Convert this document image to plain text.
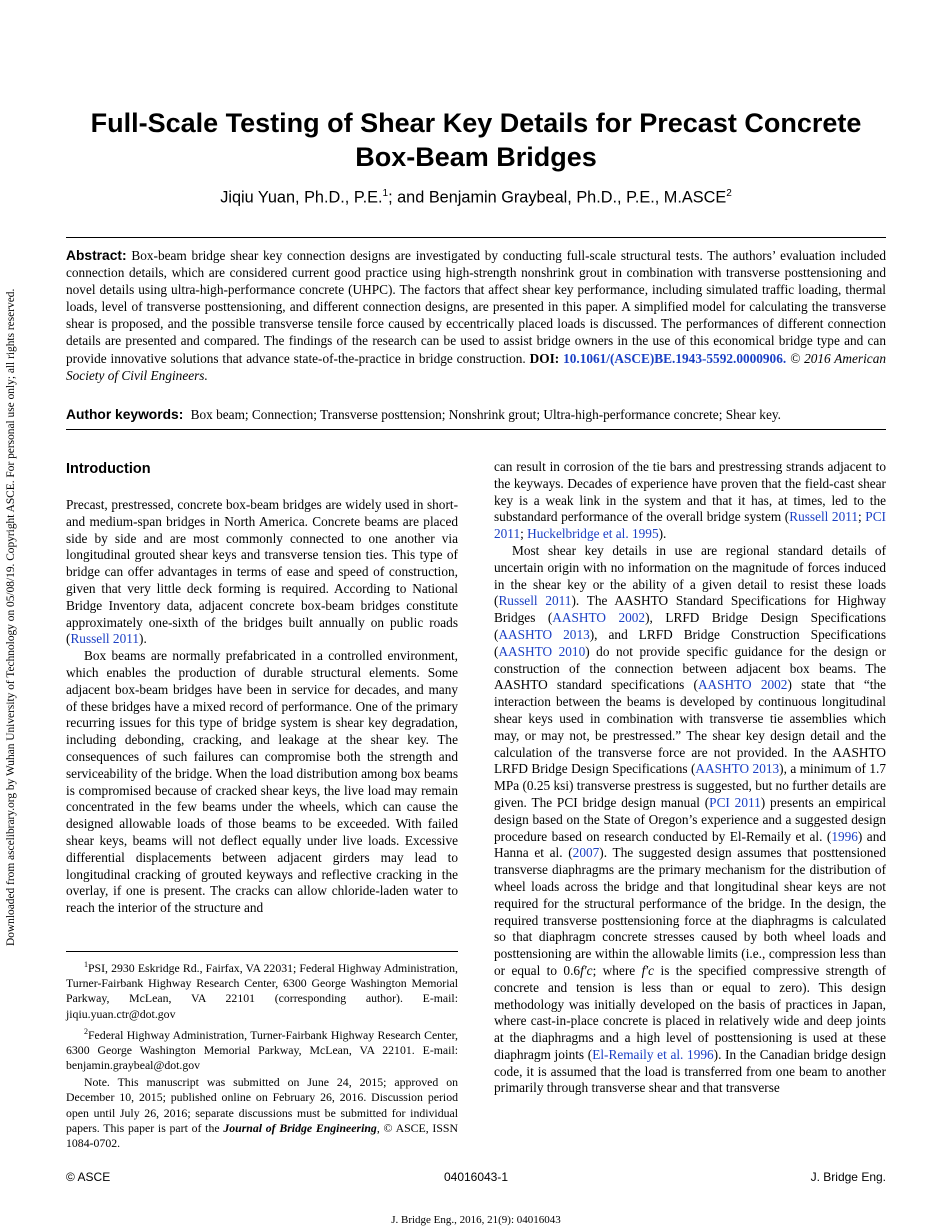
Downloaded from ascelibrary.org by Wuhan University of Technology on 05/08/19. Copyright ASCE. For personal use only; all rights reserved.
Full-Scale Testing of Shear Key Details for Precast Concrete Box-Beam Bridges
Jiqiu Yuan, Ph.D., P.E.$^1$; and Benjamin Graybeal, Ph.D., P.E., M.ASCE$^2$
Abstract: Box-beam bridge shear key connection designs are investigated by conducting full-scale structural tests. The authors’ evaluation included connection details, which are considered current good practice using high-strength nonshrink grout in combination with transverse posttensioning and novel details using ultra-high-performance concrete (UHPC). The factors that affect shear key performance, including simulated traffic loading, thermal loads, level of transverse posttensioning, and different connection designs, are presented in this paper. A simplified model for calculating the transverse shear is proposed, and the possible transverse tensile force caused by eccentrically placed loads is discussed. The performances of different connection details are presented and compared. The findings of the research can be used to assist bridge owners in the use of this economical bridge type and can provide innovative solutions that advance state-of-the-practice in bridge construction. DOI: 10.1061/(ASCE)BE.1943-5592.0000906. © 2016 American Society of Civil Engineers.
Author keywords: Box beam; Connection; Transverse posttension; Nonshrink grout; Ultra-high-performance concrete; Shear key.
Introduction

Precast, prestressed, concrete box-beam bridges are widely used in short- and medium-span bridges in North America. Concrete beams are placed side by side and are most commonly connected to one another via longitudinal grouted shear keys and transverse tension ties. This type of bridge can offer advantages in terms of ease and speed of construction, given that very little deck forming is required. According to National Bridge Inventory data, adjacent concrete box-beam bridges constitute approximately one-sixth of the bridges built annually on public roads (Russell 2011).

Box beams are normally prefabricated in a controlled environment, which enables the production of durable structural elements. Some adjacent box-beam bridges have been in service for decades, and many of these bridges have a mixed record of performance. One of the primary recurring issues for this type of bridge system is shear key degradation, including debonding, cracking, and leakage at the shear key. The consequences of such failures can compromise both the strength and serviceability of the bridge. When the load distribution among box beams is compromised because of cracked shear keys, the live load may remain concentrated in the few beams under the wheels, which can cause the designed allowable loads of those beams to be exceeded. With failed shear keys, beams will not deflect equally under live loads. Excessive differential displacements between adjacent girders may lead to longitudinal cracking of grouted keyways and reflective cracking in the overlay, if one is present. The cracks can allow chloride-laden water to reach the interior of the structure and

$^1$PSI, 2930 Eskridge Rd., Fairfax, VA 22031; Federal Highway Administration, Turner-Fairbank Highway Research Center, 6300 George Washington Memorial Parkway, McLean, VA 22101 (corresponding author). E-mail: jiqiu.yuan.ctr@dot.gov

$^2$Federal Highway Administration, Turner-Fairbank Highway Research Center, 6300 George Washington Memorial Parkway, McLean, VA 22101. E-mail: benjamin.graybeal@dot.gov

Note. This manuscript was submitted on June 24, 2015; approved on December 10, 2015; published online on February 26, 2016. Discussion period open until July 26, 2016; separate discussions must be submitted for individual papers. This paper is part of the Journal of Bridge Engineering, © ASCE, ISSN 1084-0702.

can result in corrosion of the tie bars and prestressing strands adjacent to the keyways. Decades of experience have proven that the field-cast shear key is a weak link in the system and that it has, at times, led to the substandard performance of the overall bridge system (Russell 2011; PCI 2011; Huckelbridge et al. 1995).

Most shear key details in use are regional standard details of uncertain origin with no information on the magnitude of forces induced in the shear key or the ability of a given detail to resist these loads (Russell 2011). The AASHTO Standard Specifications for Highway Bridges (AASHTO 2002), LRFD Bridge Design Specifications (AASHTO 2013), and LRFD Bridge Construction Specifications (AASHTO 2010) do not provide specific guidance for the design or construction of the connection between adjacent box beams. The AASHTO standard specifications (AASHTO 2002) state that “the interaction between the beams is developed by continuous longitudinal shear keys used in combination with transverse tie assemblies which may, or may not, be prestressed.” The shear key design detail and the calculation of the transverse force are not provided. In the AASHTO LRFD Bridge Design Specifications (AASHTO 2013), a minimum of 1.7 MPa (0.25 ksi) transverse prestress is suggested, but no further details are given. The PCI bridge design manual (PCI 2011) presents an empirical design based on the State of Oregon’s experience and a suggested design procedure based on research conducted by El-Remaily et al. (1996) and Hanna et al. (2007). The suggested design assumes that posttensioned transverse diaphragms are the primary mechanism for the distribution of wheel loads across the bridge and that longitudinal shear keys are not required for the structural performance of the bridge. In the design, the required transverse posttensioning force at the diaphragms is calculated so that diaphragm concrete stresses caused by both wheel loads and posttensioning are within the allowable limits (i.e., compression less than or equal to 0.6f′c; where f′c is the specified compressive strength of concrete and tension is less than or equal to zero). This design methodology was initially developed on the basis of practices in Japan, where cast-in-place concrete is placed in relatively wide and deep joints at the diaphragms and a high level of posttensioning is used at these diaphragm joints (El-Remaily et al. 1996). In the Canadian bridge design code, it is assumed that the load is transferred from one beam to another primarily through transverse shear and that transverse

© ASCE	04016043-1	J. Bridge Eng.
J. Bridge Eng., 2016, 21(9): 04016043
